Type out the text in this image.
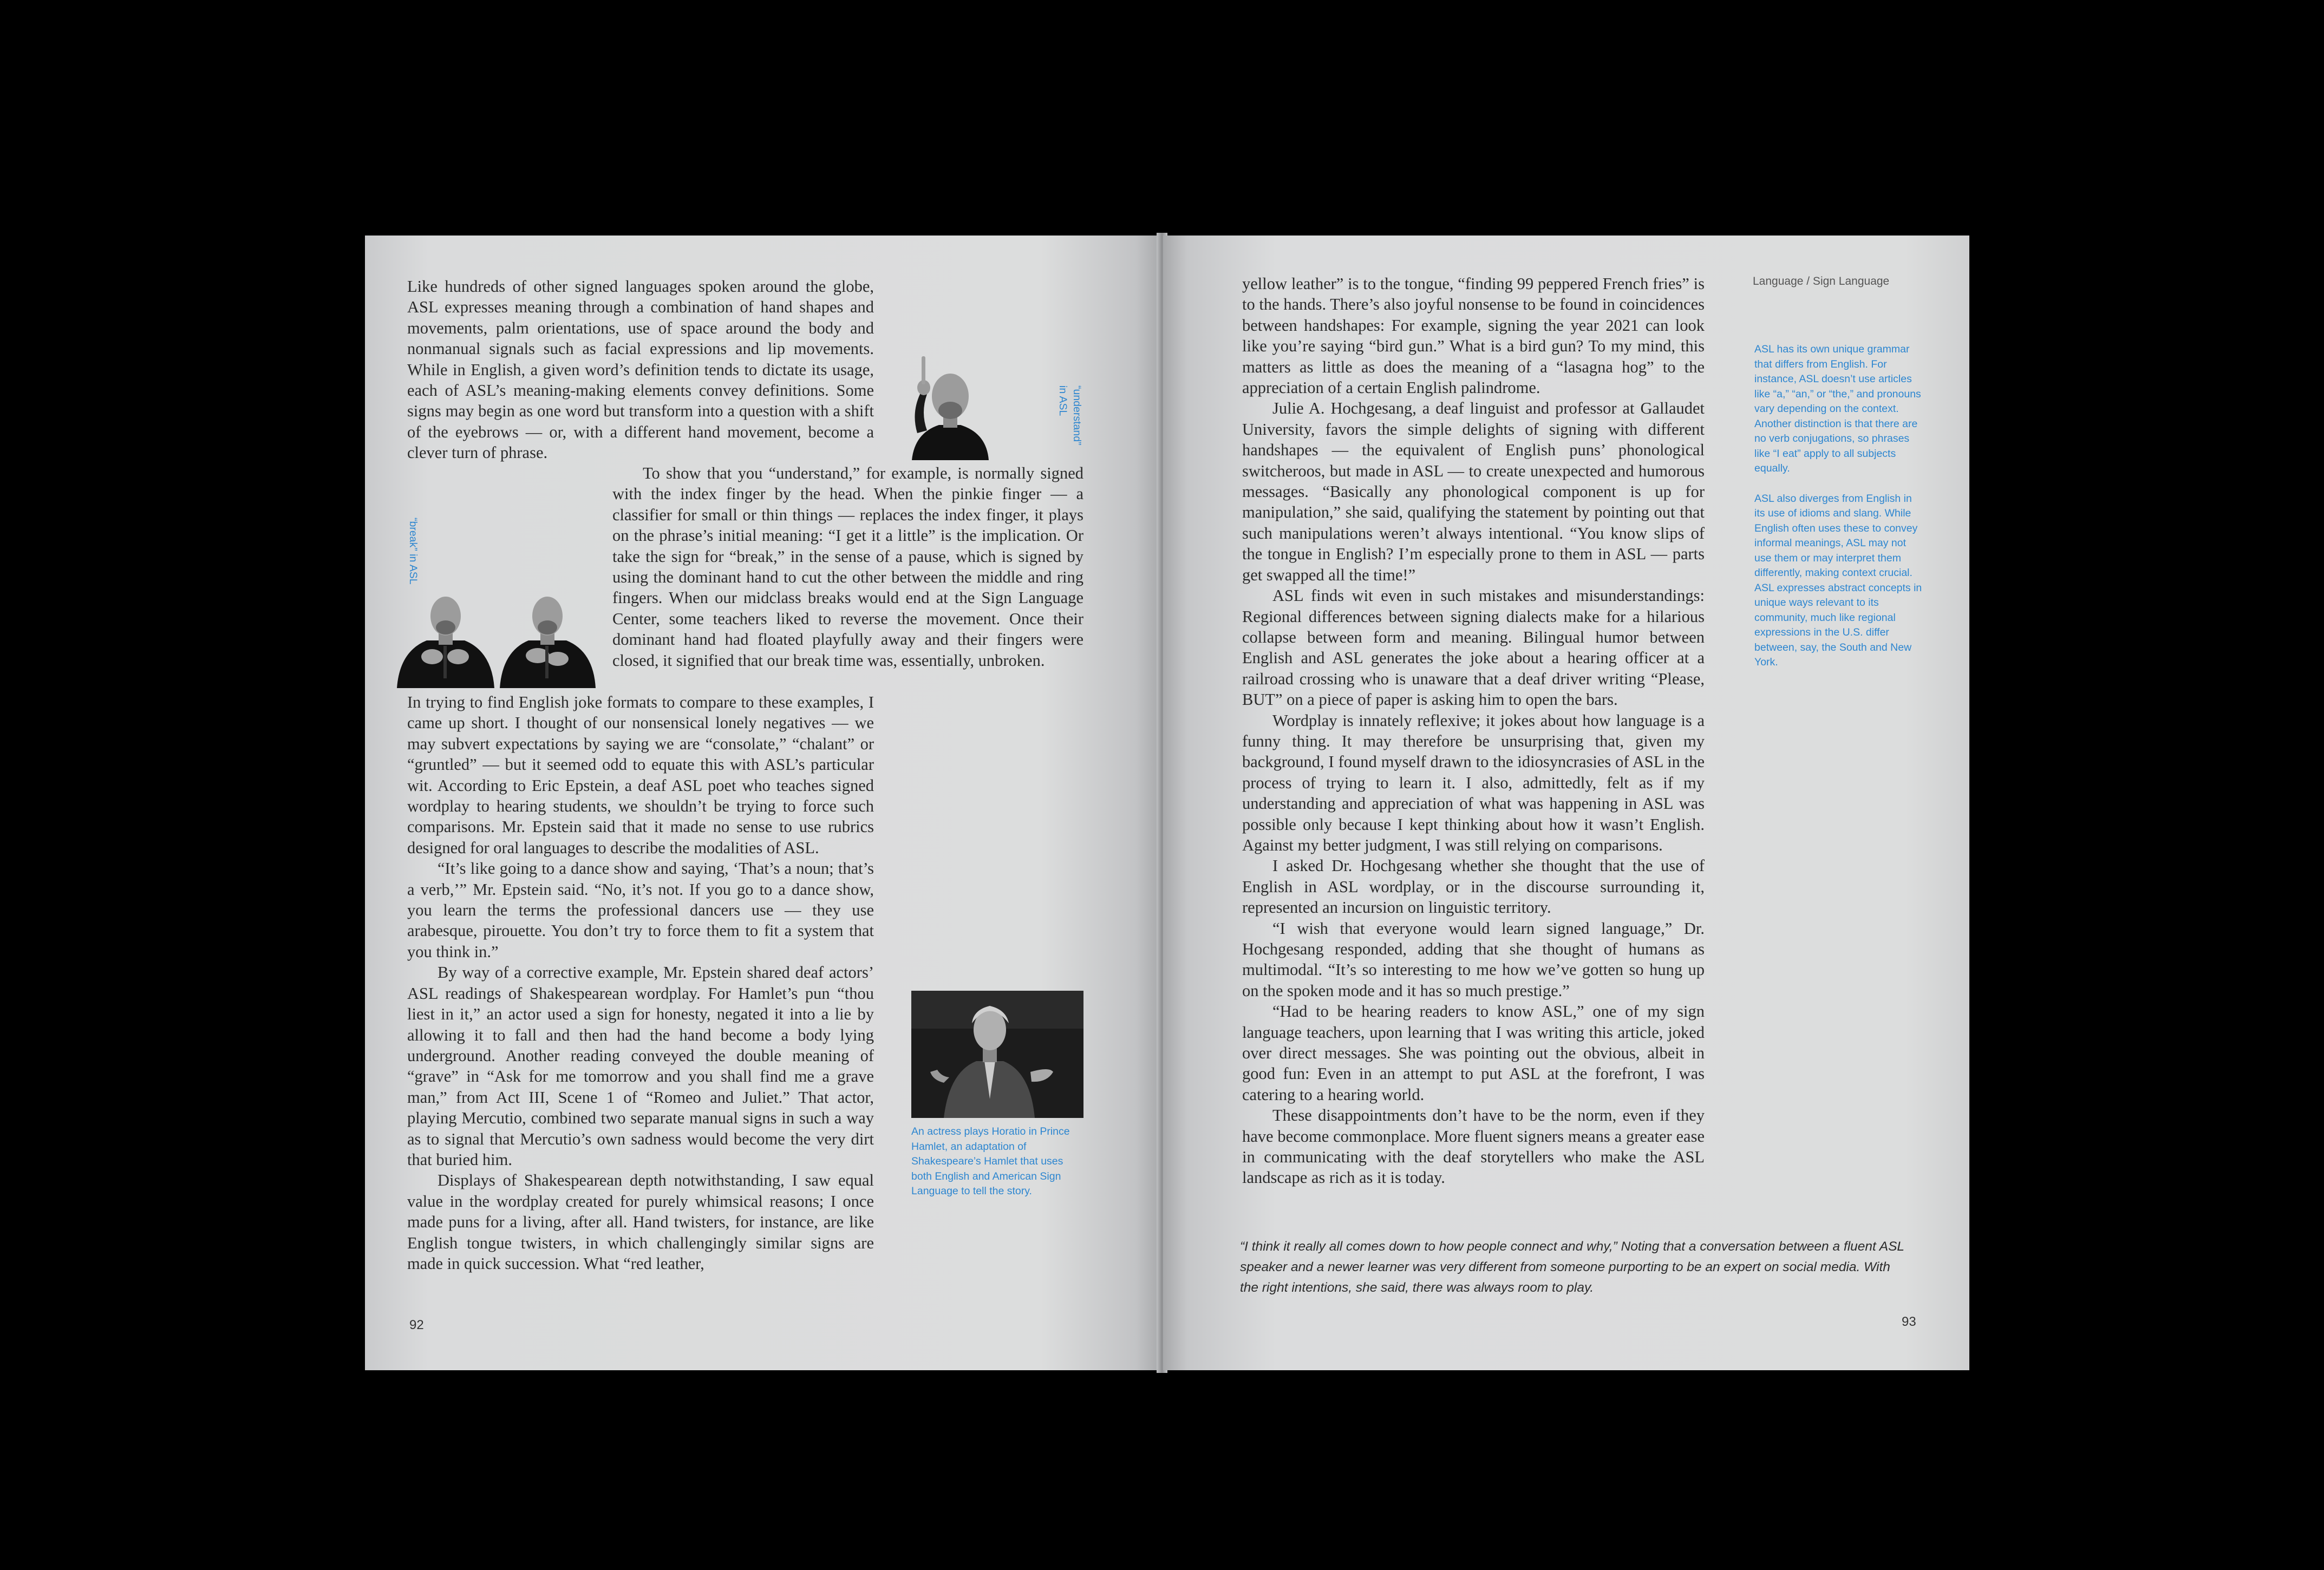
Like hundreds of other signed languages spoken around the globe, ASL expresses meaning through a combination of hand shapes and movements, palm orientations, use of space around the body and nonmanual signals such as facial expressions and lip movements. While in English, a given word’s definition tends to dictate its usage, each of ASL’s meaning-making elements convey definitions. Some signs may begin as one word but transform into a question with a shift of the eyebrows — or, with a different hand movement, become a clever turn of phrase.

To show that you “understand,” for example, is normally signed with the index finger by the head. When the pinkie finger — a classifier for small or thin things — replaces the index finger, it plays on the phrase’s initial meaning: “I get it a little” is the implication. Or take the sign for “break,” in the sense of a pause, which is signed by using the dominant hand to cut the other between the middle and ring fingers. When our midclass breaks would end at the Sign Language Center, some teachers liked to reverse the movement. Once their dominant hand had floated playfully away and their fingers were closed, it signified that our break time was, essentially, unbroken.

In trying to find English joke formats to compare to these examples, I came up short. I thought of our nonsensical lonely negatives — we may subvert expectations by saying we are “consolate,” “chalant” or “gruntled” — but it seemed odd to equate this with ASL’s particular wit. According to Eric Epstein, a deaf ASL poet who teaches signed wordplay to hearing students, we shouldn’t be trying to force such comparisons. Mr. Epstein said that it made no sense to use rubrics designed for oral languages to describe the modalities of ASL.

“It’s like going to a dance show and saying, ‘That’s a noun; that’s a verb,’” Mr. Epstein said. “No, it’s not. If you go to a dance show, you learn the terms the professional dancers use — they use arabesque, pirouette. You don’t try to force them to fit a system that you think in.”

By way of a corrective example, Mr. Epstein shared deaf actors’ ASL readings of Shakespearean wordplay. For Hamlet’s pun “thou liest in it,” an actor used a sign for honesty, negated it into a lie by allowing it to fall and then had the hand become a body lying underground. Another reading conveyed the double meaning of “grave” in “Ask for me tomorrow and you shall find me a grave man,” from Act III, Scene 1 of “Romeo and Juliet.” That actor, playing Mercutio, combined two separate manual signs in such a way as to signal that Mercutio’s own sadness would become the very dirt that buried him.

Displays of Shakespearean depth notwithstanding, I saw equal value in the wordplay created for purely whimsical reasons; I once made puns for a living, after all. Hand twisters, for instance, are like English tongue twisters, in which challengingly similar signs are made in quick succession. What “red leather,

“understand”
in ASL
“break” in ASL

An actress plays Horatio in Prince Hamlet, an adaptation of Shakespeare’s Hamlet that uses both English and American Sign Language to tell the story.

92

yellow leather” is to the tongue, “finding 99 peppered French fries” is to the hands. There’s also joyful nonsense to be found in coincidences between handshapes: For example, signing the year 2021 can look like you’re saying “bird gun.” What is a bird gun? To my mind, this matters as little as does the meaning of a “lasagna hog” to the appreciation of a certain English palindrome.

Julie A. Hochgesang, a deaf linguist and professor at Gallaudet University, favors the simple delights of signing with different handshapes — the equivalent of English puns’ phonological switcheroos, but made in ASL — to create unexpected and humorous messages. “Basically any phonological component is up for manipulation,” she said, qualifying the statement by pointing out that such manipulations weren’t always intentional. “You know slips of the tongue in English? I’m especially prone to them in ASL — parts get swapped all the time!”

ASL finds wit even in such mistakes and misunderstandings: Regional differences between signing dialects make for a hilarious collapse between form and meaning. Bilingual humor between English and ASL generates the joke about a hearing officer at a railroad crossing who is unaware that a deaf driver writing “Please, BUT” on a piece of paper is asking him to open the bars.

Wordplay is innately reflexive; it jokes about how language is a funny thing. It may therefore be unsurprising that, given my background, I found myself drawn to the idiosyncrasies of ASL in the process of trying to learn it. I also, admittedly, felt as if my understanding and appreciation of what was happening in ASL was possible only because I kept thinking about how it wasn’t English. Against my better judgment, I was still relying on comparisons.

I asked Dr. Hochgesang whether she thought that the use of English in ASL wordplay, or in the discourse surrounding it, represented an incursion on linguistic territory.

“I wish that everyone would learn signed language,” Dr. Hochgesang responded, adding that she thought of humans as multimodal. “It’s so interesting to me how we’ve gotten so hung up on the spoken mode and it has so much prestige.”

“Had to be hearing readers to know ASL,” one of my sign language teachers, upon learning that I was writing this article, joked over direct messages. She was pointing out the obvious, albeit in good fun: Even in an attempt to put ASL at the forefront, I was catering to a hearing world.

These disappointments don’t have to be the norm, even if they have become commonplace. More fluent signers means a greater ease in communicating with the deaf storytellers who make the ASL landscape as rich as it is today.

Language / Sign Language

ASL has its own unique grammar that differs from English. For instance, ASL doesn’t use articles like “a,” “an,” or “the,” and pronouns vary depending on the context. Another distinction is that there are no verb conjugations, so phrases like “I eat” apply to all subjects equally.

ASL also diverges from English in its use of idioms and slang. While English often uses these to convey informal meanings, ASL may not use them or may interpret them differently, making context crucial. ASL expresses abstract concepts in unique ways relevant to its community, much like regional expressions in the U.S. differ between, say, the South and New York.

“I think it really all comes down to how people connect and why,” Noting that a conversation between a fluent ASL speaker and a newer learner was very different from someone purporting to be an expert on social media. With the right intentions, she said, there was always room to play.
93
